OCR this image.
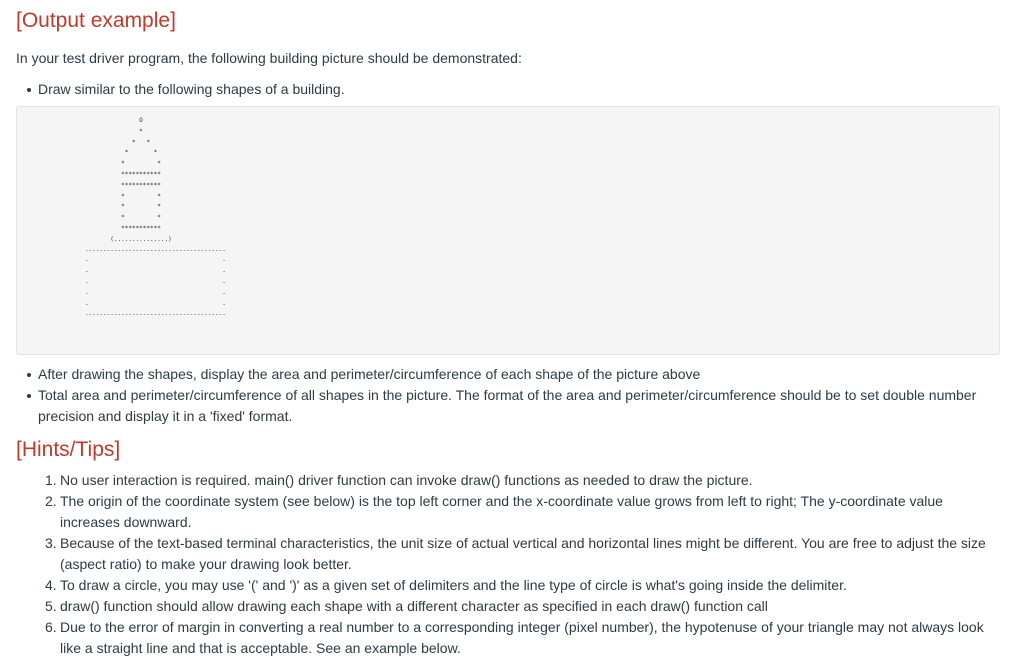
[Output example]

In your test driver program, the following building picture should be demonstrated:

Draw similar to the following shapes of a building.
O
*
*   *
*       *
*         *
***********
***********
*         *
*         *
*         *
***********
(...............)
---------------------------------------
-                                     -
-                                     -
-                                     -
-                                     -
-                                     -
---------------------------------------
After drawing the shapes, display the area and perimeter/circumference of each shape of the picture above
Total area and perimeter/circumference of all shapes in the picture. The format of the area and perimeter/circumference should be to set double number precision and display it in a 'fixed' format.
[Hints/Tips]
1. No user interaction is required. main() driver function can invoke draw() functions as needed to draw the picture.
2. The origin of the coordinate system (see below) is the top left corner and the x-coordinate value grows from left to right; The y-coordinate value increases downward.
3. Because of the text-based terminal characteristics, the unit size of actual vertical and horizontal lines might be different. You are free to adjust the size (aspect ratio) to make your drawing look better.
4. To draw a circle, you may use '(' and ')' as a given set of delimiters and the line type of circle is what's going inside the delimiter.
5. draw() function should allow drawing each shape with a different character as specified in each draw() function call
6. Due to the error of margin in converting a real number to a corresponding integer (pixel number), the hypotenuse of your triangle may not always look like a straight line and that is acceptable. See an example below.
